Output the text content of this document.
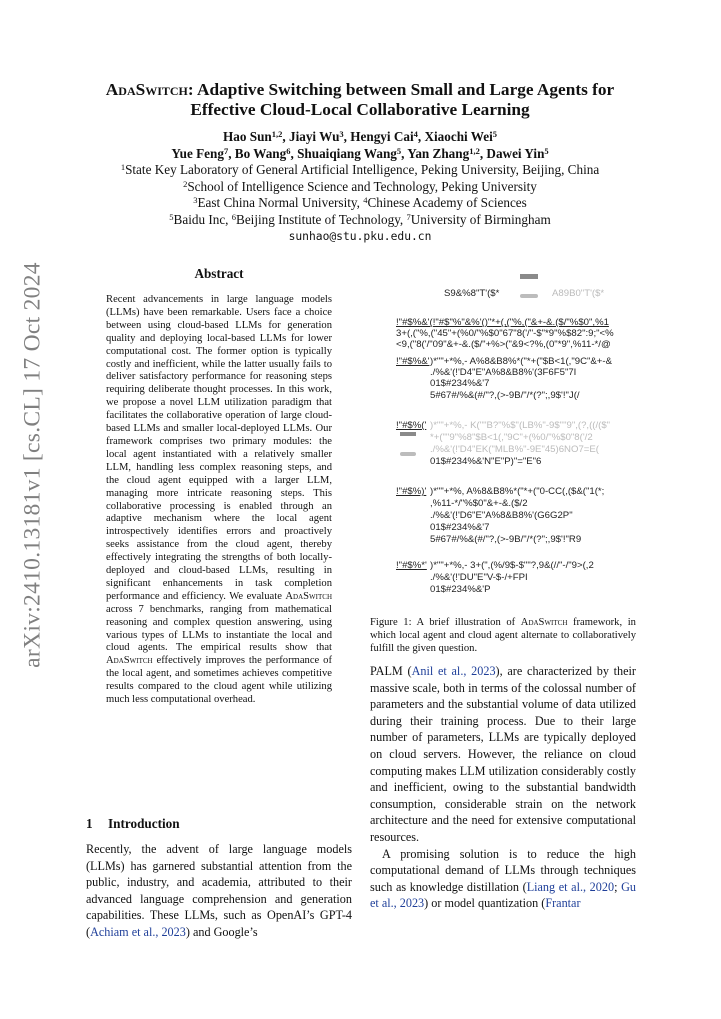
arXiv:2410.13181v1 [cs.CL] 17 Oct 2024
AdaSwitch: Adaptive Switching between Small and Large Agents for
Effective Cloud-Local Collaborative Learning
Hao Sun$^{1,2}$, Jiayi Wu$^3$, Hengyi Cai$^4$, Xiaochi Wei$^5$
Yue Feng$^7$, Bo Wang$^6$, Shuaiqiang Wang$^5$, Yan Zhang$^{1,2}$, Dawei Yin$^5$
$^1$State Key Laboratory of General Artificial Intelligence, Peking University, Beijing, China
$^2$School of Intelligence Science and Technology, Peking University
$^3$East China Normal University, $^4$Chinese Academy of Sciences
$^5$Baidu Inc, $^6$Beijing Institute of Technology, $^7$University of Birmingham
sunhao@stu.pku.edu.cn
Abstract
Recent advancements in large language models (LLMs) have been remarkable. Users face a choice between using cloud-based LLMs for generation quality and deploying local-based LLMs for lower computational cost. The former option is typically costly and inefficient, while the latter usually fails to deliver satisfactory performance for reasoning steps requiring deliberate thought processes. In this work, we propose a novel LLM utilization paradigm that facilitates the collaborative operation of large cloud-based LLMs and smaller local-deployed LLMs. Our framework comprises two primary modules: the local agent instantiated with a relatively smaller LLM, handling less complex reasoning steps, and the cloud agent equipped with a larger LLM, managing more intricate reasoning steps. This collaborative processing is enabled through an adaptive mechanism where the local agent introspectively identifies errors and proactively seeks assistance from the cloud agent, thereby effectively integrating the strengths of both locally-deployed and cloud-based LLMs, resulting in significant enhancements in task completion performance and efficiency. We evaluate AdaSwitch across 7 benchmarks, ranging from mathematical reasoning and complex question answering, using various types of LLMs to instantiate the local and cloud agents. The empirical results show that AdaSwitch effectively improves the performance of the local agent, and sometimes achieves competitive results compared to the cloud agent while utilizing much less computational overhead.
1 Introduction
Recently, the advent of large language models (LLMs) has garnered substantial attention from the public, industry, and academia, attributed to their advanced language comprehension and generation capabilities. These LLMs, such as OpenAI’s GPT-4 (Achiam et al., 2023) and Google’s
S9&%8"T'($*	A89B0"T'($*
!"#$%&'(!"#$"%"&%'()"*+(,("%,("&+-&.($/"%$0",%1
3+(,("%,("45"+(%0/"%$0"67"8('/"-$"*9"%$82":9;"<%
<9,("8('/"09"&+-&.($/"+%>("&9<?%,(0"*9",%11-*/@
!"#$%&' )*""+*%,- A%8&B8%*("*+("$B<1(,"9C"&+-&
./%&'(!'D4"E"A%8&B8%'(3F6F5"7I
01$#234%&'7
5#67#/%&(#/"?,(>-9B/"/*(?";,9$'!"J(/
!"#$%(' )*""+*%,- K(""B?"%$"(LB%"-9$""9",(?,((/($"
*+(""9"%8"$B<1(,"9C"+(%0/"%$0"8('/2
./%&'(!'D4"EK("MLB%"-9E"45)6NO7=E(
01$#234%&'N"E"P)"="E"6
!"#$%)' )*""+*%, A%8&B8%*("*+("0-CC(,($&("1(*;
,%11-*/"%$0"&+-&.($/2
./%&'(!'D6"E"A%8&B8%'(G6G2P"
01$#234%&'7
5#67#/%&(#/"?,(>-9B/"/*(?";,9$'!"R9
!"#$%*' )*""+*%,- 3+(",(%/9$-$""?,9&(//"-/"9>(,2
./%&'(!'DU"E"V-$-/+FPI
01$#234%&'P
Figure 1: A brief illustration of AdaSwitch framework, in which local agent and cloud agent alternate to collaboratively fulfill the given question.

PALM (Anil et al., 2023), are characterized by their massive scale, both in terms of the colossal number of parameters and the substantial volume of data utilized during their training process. Due to their large number of parameters, LLMs are typically deployed on cloud servers. However, the reliance on cloud computing makes LLM utilization considerably costly and inefficient, owing to the substantial bandwidth consumption, considerable strain on the network architecture and the need for extensive computational resources.

A promising solution is to reduce the high computational demand of LLMs through techniques such as knowledge distillation (Liang et al., 2020; Gu et al., 2023) or model quantization (Frantar
